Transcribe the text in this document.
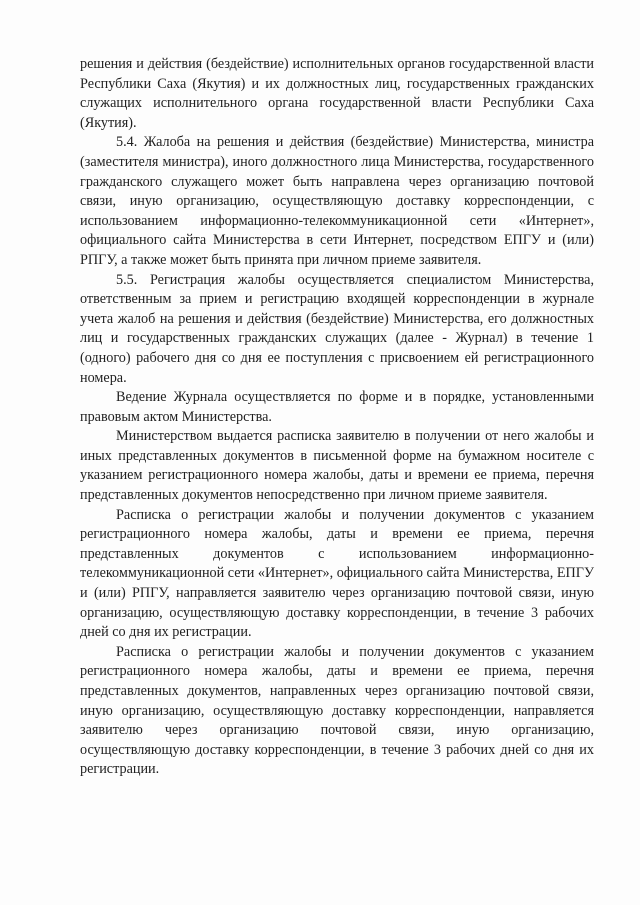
решения и действия (бездействие) исполнительных органов государственной власти Республики Саха (Якутия) и их должностных лиц, государственных гражданских служащих исполнительного органа государственной власти Республики Саха (Якутия).

5.4. Жалоба на решения и действия (бездействие) Министерства, министра (заместителя министра), иного должностного лица Министерства, государственного гражданского служащего может быть направлена через организацию почтовой связи, иную организацию, осуществляющую доставку корреспонденции, с использованием информационно-телекоммуникационной сети «Интернет», официального сайта Министерства в сети Интернет, посредством ЕПГУ и (или) РПГУ, а также может быть принята при личном приеме заявителя.

5.5. Регистрация жалобы осуществляется специалистом Министерства, ответственным за прием и регистрацию входящей корреспонденции в журнале учета жалоб на решения и действия (бездействие) Министерства, его должностных лиц и государственных гражданских служащих (далее - Журнал) в течение 1 (одного) рабочего дня со дня ее поступления с присвоением ей регистрационного номера.

Ведение Журнала осуществляется по форме и в порядке, установленными правовым актом Министерства.

Министерством выдается расписка заявителю в получении от него жалобы и иных представленных документов в письменной форме на бумажном носителе с указанием регистрационного номера жалобы, даты и времени ее приема, перечня представленных документов непосредственно при личном приеме заявителя.

Расписка о регистрации жалобы и получении документов с указанием регистрационного номера жалобы, даты и времени ее приема, перечня представленных документов с использованием информационно-телекоммуникационной сети «Интернет», официального сайта Министерства, ЕПГУ и (или) РПГУ, направляется заявителю через организацию почтовой связи, иную организацию, осуществляющую доставку корреспонденции, в течение 3 рабочих дней со дня их регистрации.

Расписка о регистрации жалобы и получении документов с указанием регистрационного номера жалобы, даты и времени ее приема, перечня представленных документов, направленных через организацию почтовой связи, иную организацию, осуществляющую доставку корреспонденции, направляется заявителю через организацию почтовой связи, иную организацию, осуществляющую доставку корреспонденции, в течение 3 рабочих дней со дня их регистрации.
